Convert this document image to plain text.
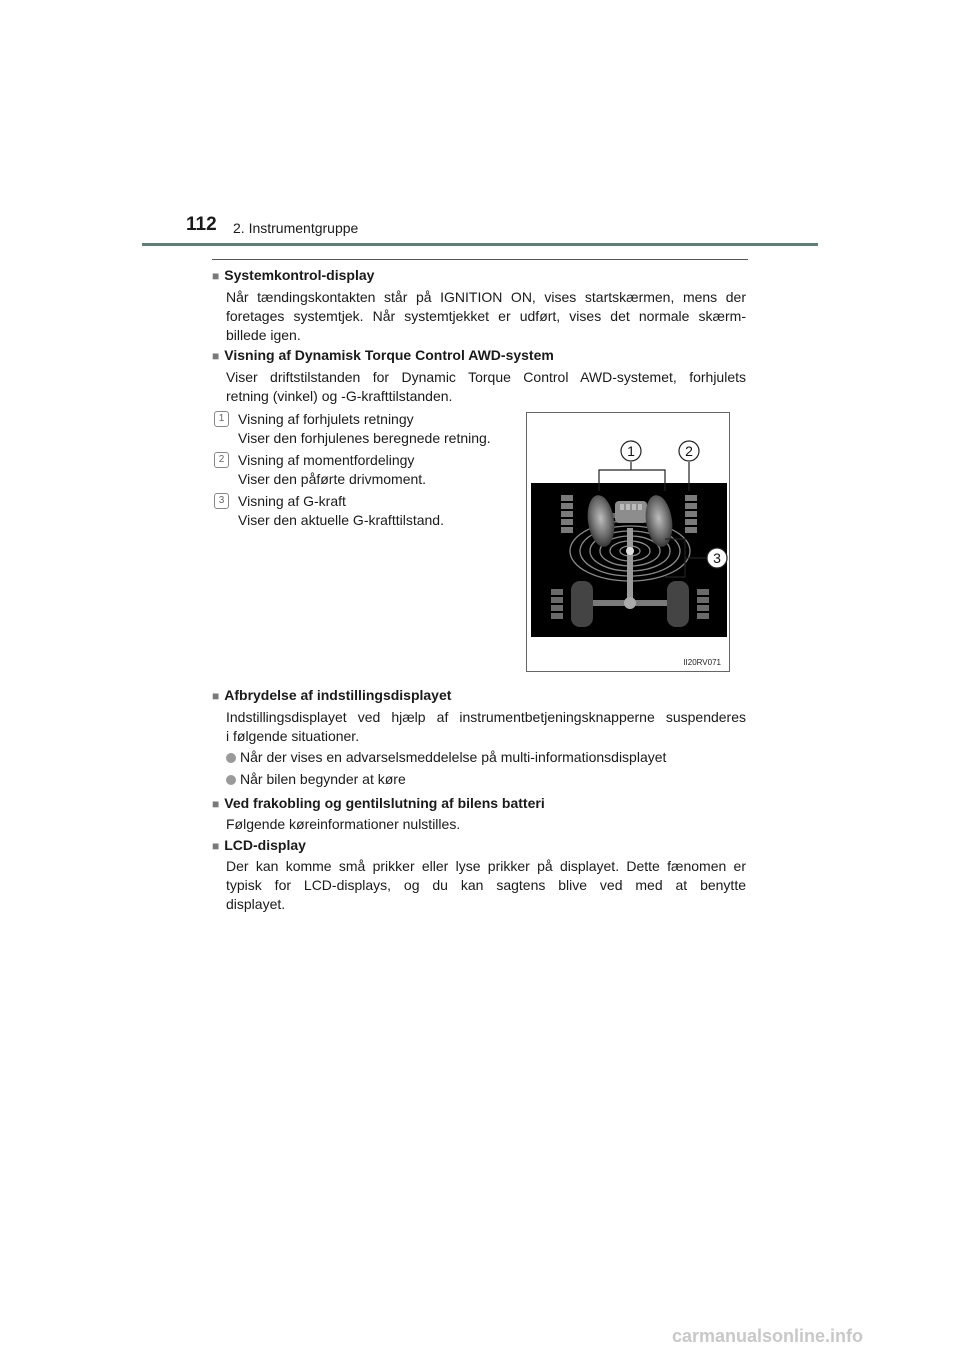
112 2. Instrumentgruppe
■ Systemkontrol-display
Når tændingskontakten står på IGNITION ON, vises startskærmen, mens der
foretages systemtjek. Når systemtjekket er udført, vises det normale skærm-
billede igen.
■ Visning af Dynamisk Torque Control AWD-system
Viser driftstilstanden for Dynamic Torque Control AWD-systemet, forhjulets
retning (vinkel) og -G-krafttilstanden.
1 Visning af forhjulets retningy
Viser den forhjulenes beregnede retning.
2 Visning af momentfordelingy
Viser den påførte drivmoment.
3 Visning af G-kraft
Viser den aktuelle G-krafttilstand.
1	2
3
II20RV071
■ Afbrydelse af indstillingsdisplayet
Indstillingsdisplayet ved hjælp af instrumentbetjeningsknapperne suspenderes
i følgende situationer.
Når der vises en advarselsmeddelelse på multi-informationsdisplayet
Når bilen begynder at køre
■ Ved frakobling og gentilslutning af bilens batteri
Følgende køreinformationer nulstilles.
■ LCD-display
Der kan komme små prikker eller lyse prikker på displayet. Dette fænomen er
typisk for LCD-displays, og du kan sagtens blive ved med at benytte
displayet.
carmanualsonline.info
